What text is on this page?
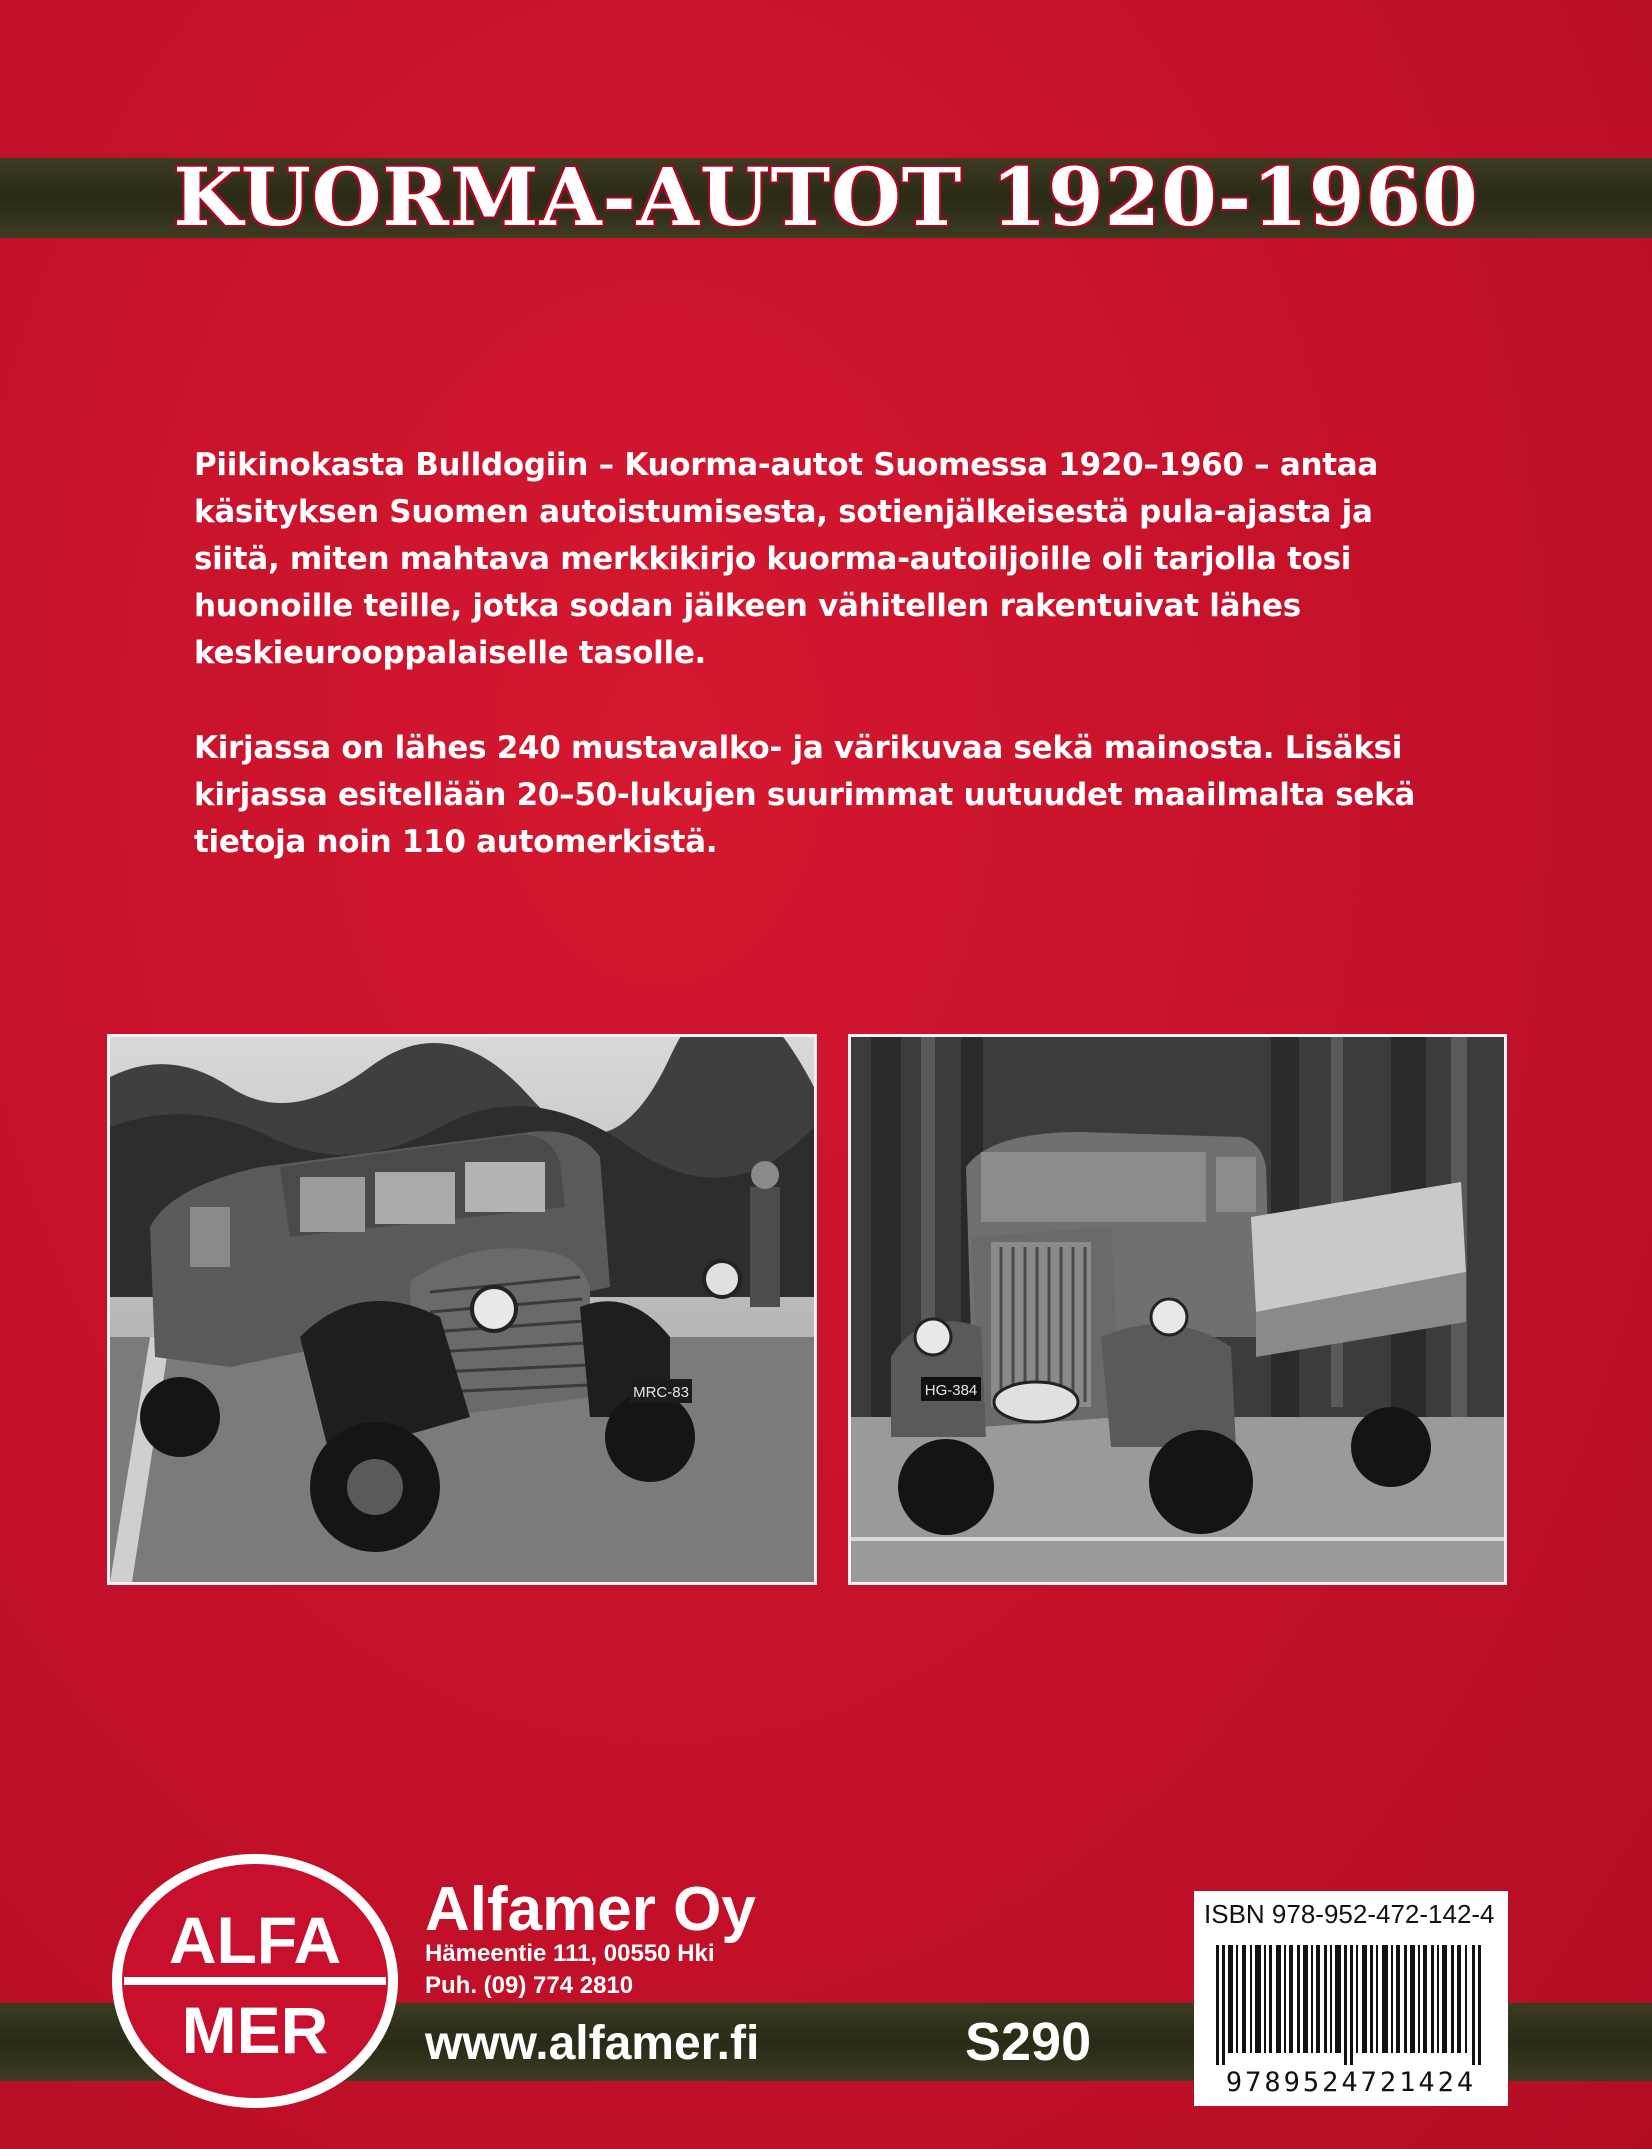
KUORMA-AUTOT 1920-1960

Piikinokasta Bulldogiin – Kuorma-autot Suomessa 1920–1960 – antaa käsityksen Suomen autoistumisesta, sotienjälkeisestä pula-ajasta ja siitä, miten mahtava merkkikirjo kuorma-autoiljoille oli tarjolla tosi huonoille teille, jotka sodan jälkeen vähitellen rakentuivat lähes keskieurooppalaiselle tasolle.

Kirjassa on lähes 240 mustavalko- ja värikuvaa sekä mainosta. Lisäksi kirjassa esitellään 20–50-lukujen suurimmat uutuudet maailmalta sekä tietoja noin 110 automerkistä.

MRC-83	HG-384
ALFA
MER
Alfamer Oy
Hämeentie 111, 00550 Hki
Puh. (09) 774 2810
www.alfamer.fi	S290
ISBN 978-952-472-142-4
9789524721424
